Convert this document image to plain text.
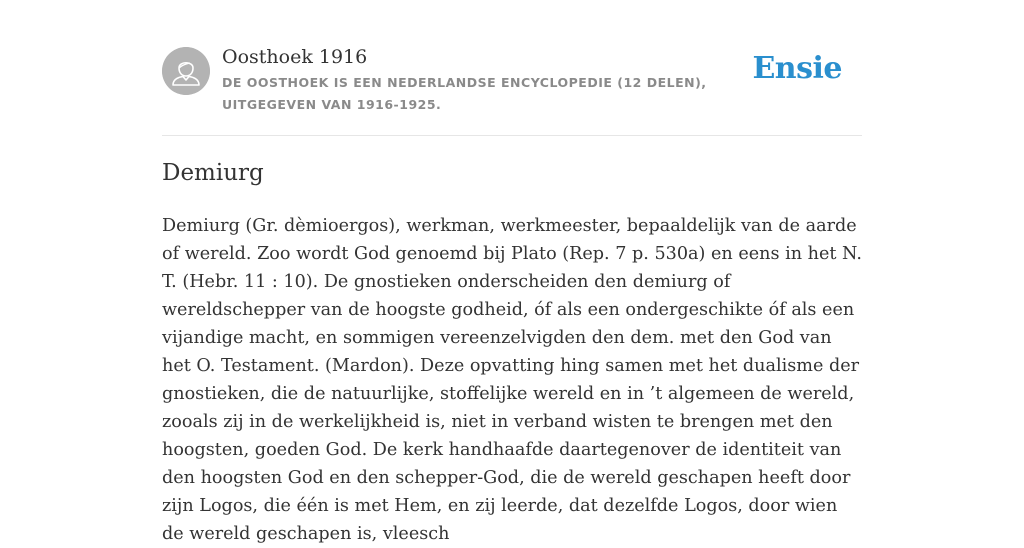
Oosthoek 1916
DE OOSTHOEK IS EEN NEDERLANDSE ENCYCLOPEDIE (12 DELEN), UITGEGEVEN VAN 1916-1925.
Ensie
Demiurg

Demiurg (Gr. dèmioergos), werkman, werkmeester, bepaaldelijk van de aarde of wereld. Zoo wordt God genoemd bij Plato (Rep. 7 p. 530a) en eens in het N. T. (Hebr. 11 : 10). De gnostieken onderscheiden den demiurg of wereldschepper van de hoogste godheid, óf als een ondergeschikte óf als een vijandige macht, en sommigen vereenzelvigden den dem. met den God van het O. Testament. (Mardon). Deze opvatting hing samen met het dualisme der gnostieken, die de natuurlijke, stoffelijke wereld en in ’t algemeen de wereld, zooals zij in de werkelijkheid is, niet in verband wisten te brengen met den hoogsten, goeden God. De kerk handhaafde daartegenover de identiteit van den hoogsten God en den schepper-God, die de wereld geschapen heeft door zijn Logos, die één is met Hem, en zij leerde, dat dezelfde Logos, door wien de wereld geschapen is, vleesch
